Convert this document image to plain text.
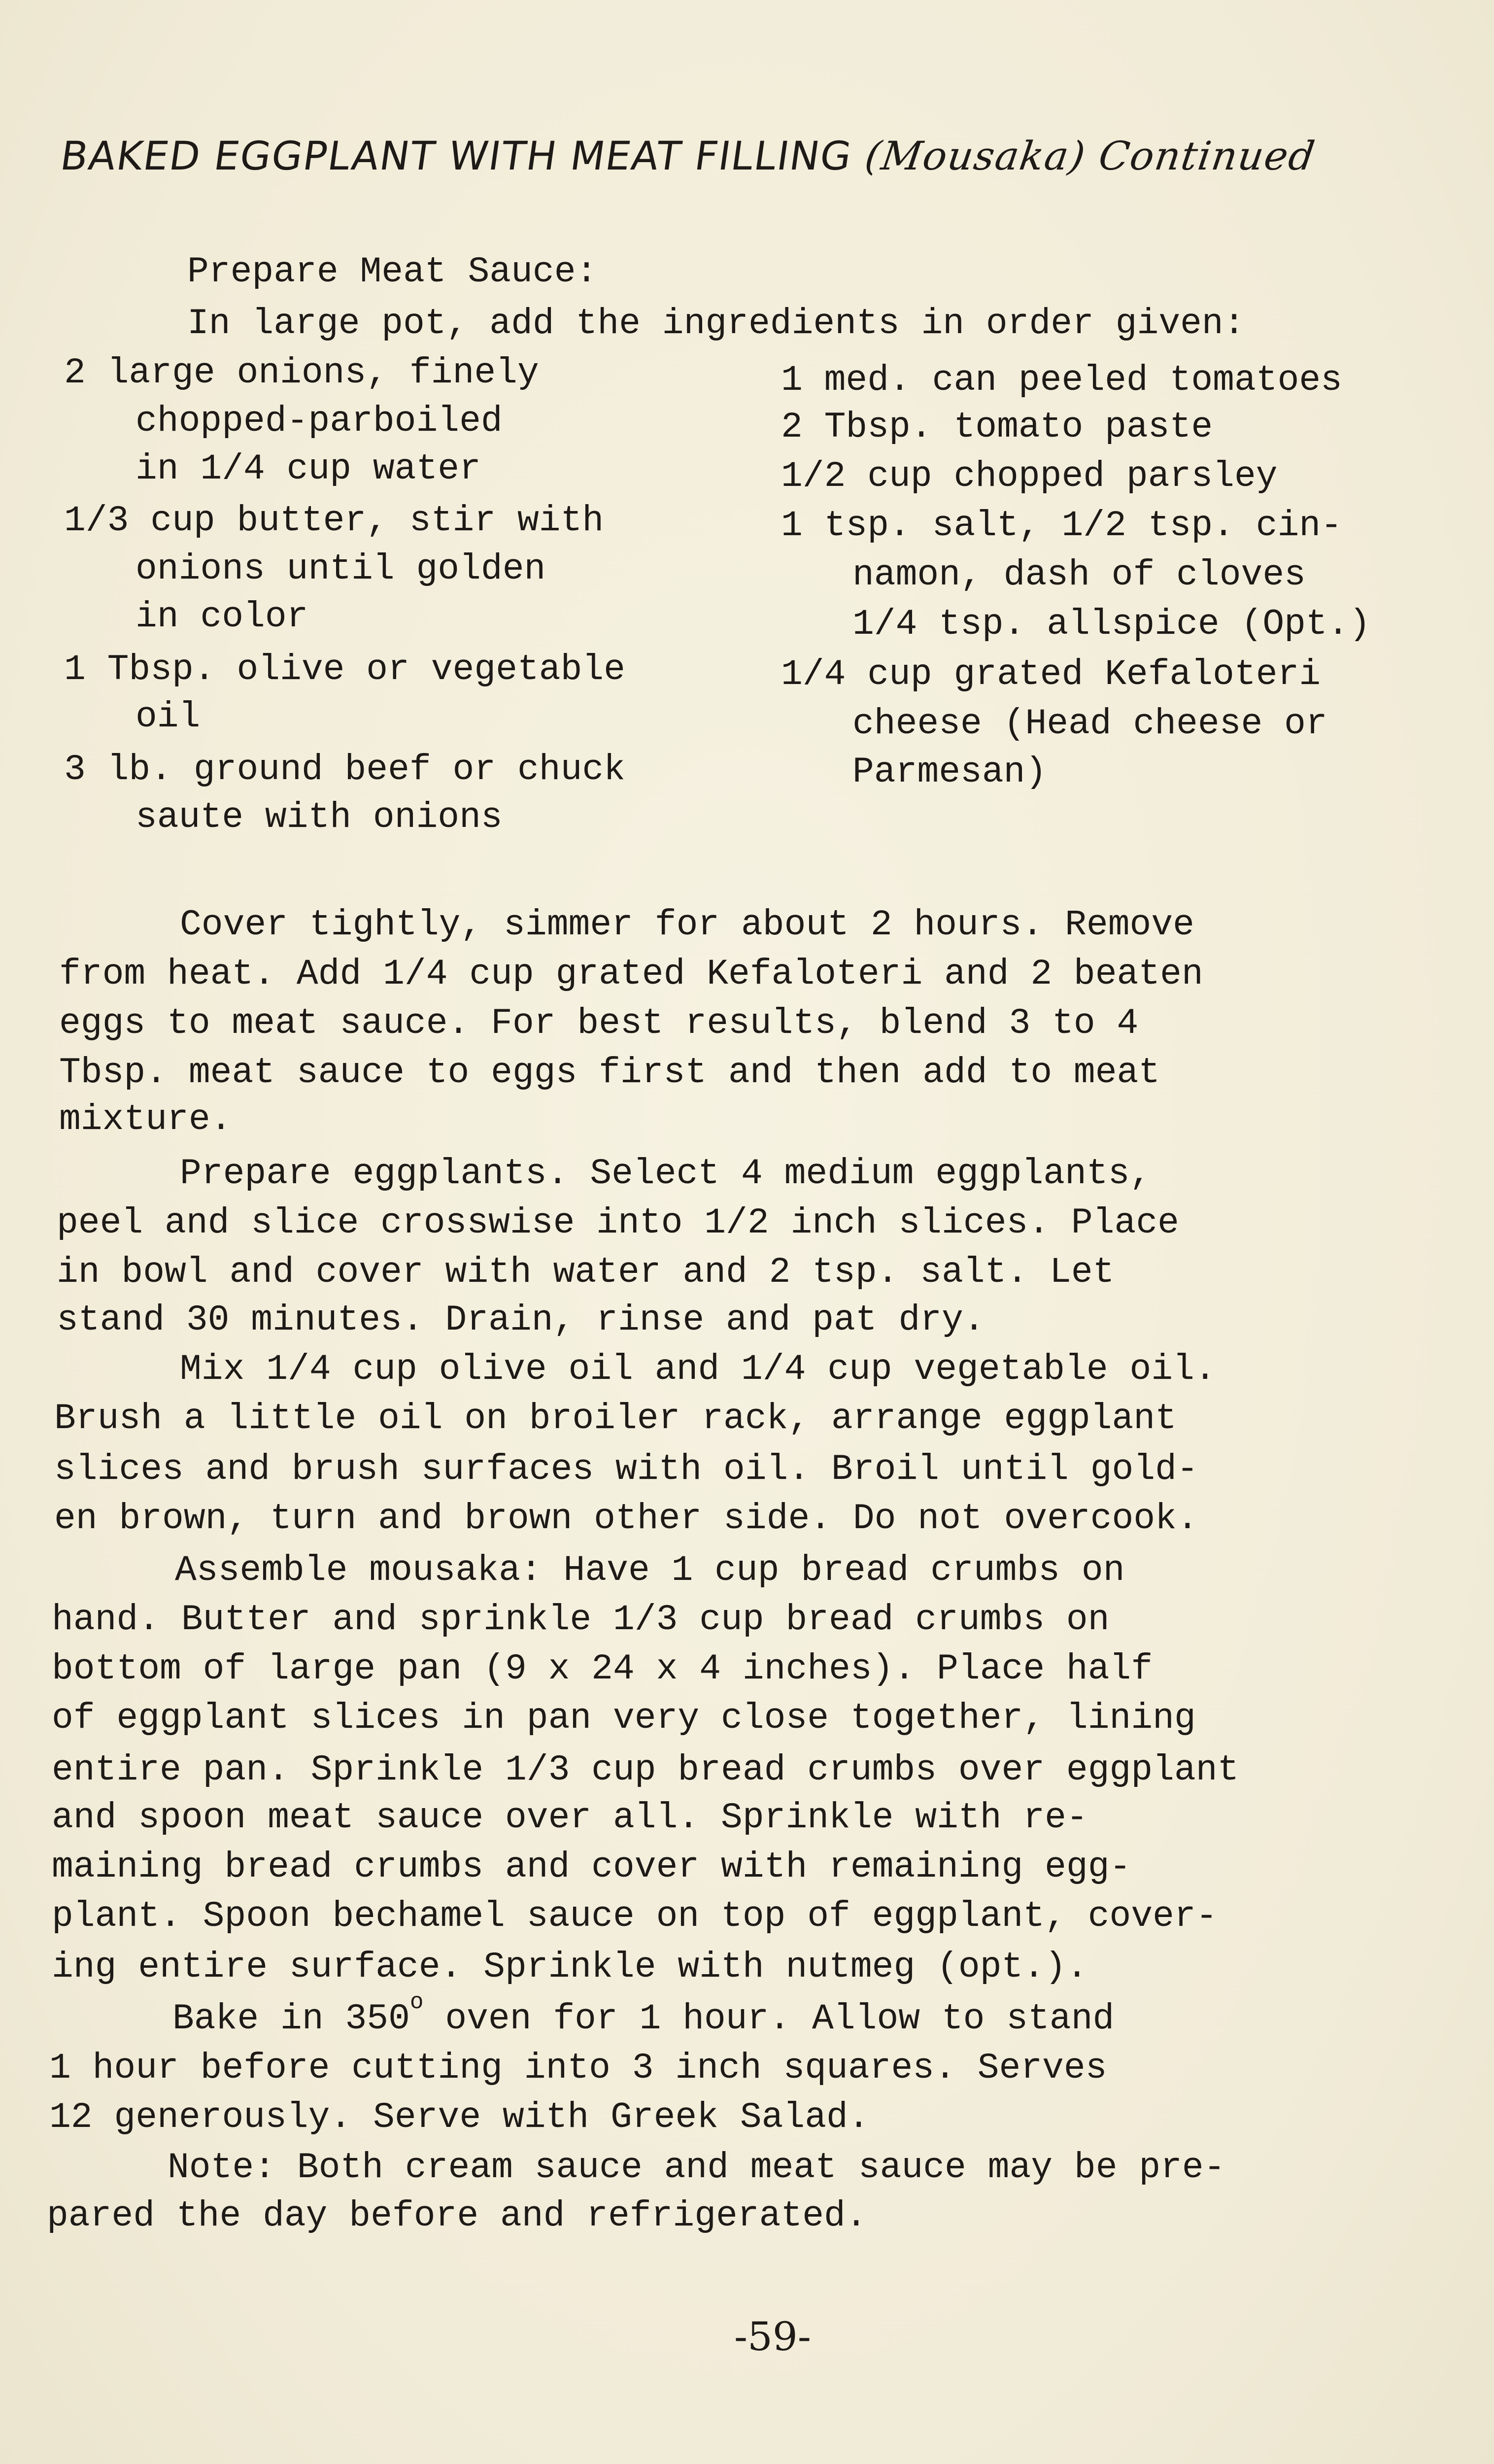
BAKED EGGPLANT WITH MEAT FILLING (Mousaka) Continued
Prepare Meat Sauce:
In large pot, add the ingredients in order given:
2 large onions, finely
chopped-parboiled
in 1/4 cup water
1/3 cup butter, stir with
onions until golden
in color
1 Tbsp. olive or vegetable
oil
3 lb. ground beef or chuck
saute with onions
1 med. can peeled tomatoes
2 Tbsp. tomato paste
1/2 cup chopped parsley
1 tsp. salt, 1/2 tsp. cin-
namon, dash of cloves
1/4 tsp. allspice (Opt.)
1/4 cup grated Kefaloteri
cheese (Head cheese or
Parmesan)
Cover tightly, simmer for about 2 hours. Remove
from heat. Add 1/4 cup grated Kefaloteri and 2 beaten
eggs to meat sauce. For best results, blend 3 to 4
Tbsp. meat sauce to eggs first and then add to meat
mixture.
Prepare eggplants. Select 4 medium eggplants,
peel and slice crosswise into 1/2 inch slices. Place
in bowl and cover with water and 2 tsp. salt. Let
stand 30 minutes. Drain, rinse and pat dry.
Mix 1/4 cup olive oil and 1/4 cup vegetable oil.
Brush a little oil on broiler rack, arrange eggplant
slices and brush surfaces with oil. Broil until gold-
en brown, turn and brown other side. Do not overcook.
Assemble mousaka: Have 1 cup bread crumbs on
hand. Butter and sprinkle 1/3 cup bread crumbs on
bottom of large pan (9 x 24 x 4 inches). Place half
of eggplant slices in pan very close together, lining
entire pan. Sprinkle 1/3 cup bread crumbs over eggplant
and spoon meat sauce over all. Sprinkle with re-
maining bread crumbs and cover with remaining egg-
plant. Spoon bechamel sauce on top of eggplant, cover-
ing entire surface. Sprinkle with nutmeg (opt.).
Bake in 350$^o$ oven for 1 hour. Allow to stand
1 hour before cutting into 3 inch squares. Serves
12 generously. Serve with Greek Salad.
Note: Both cream sauce and meat sauce may be pre-
pared the day before and refrigerated.
-59-
